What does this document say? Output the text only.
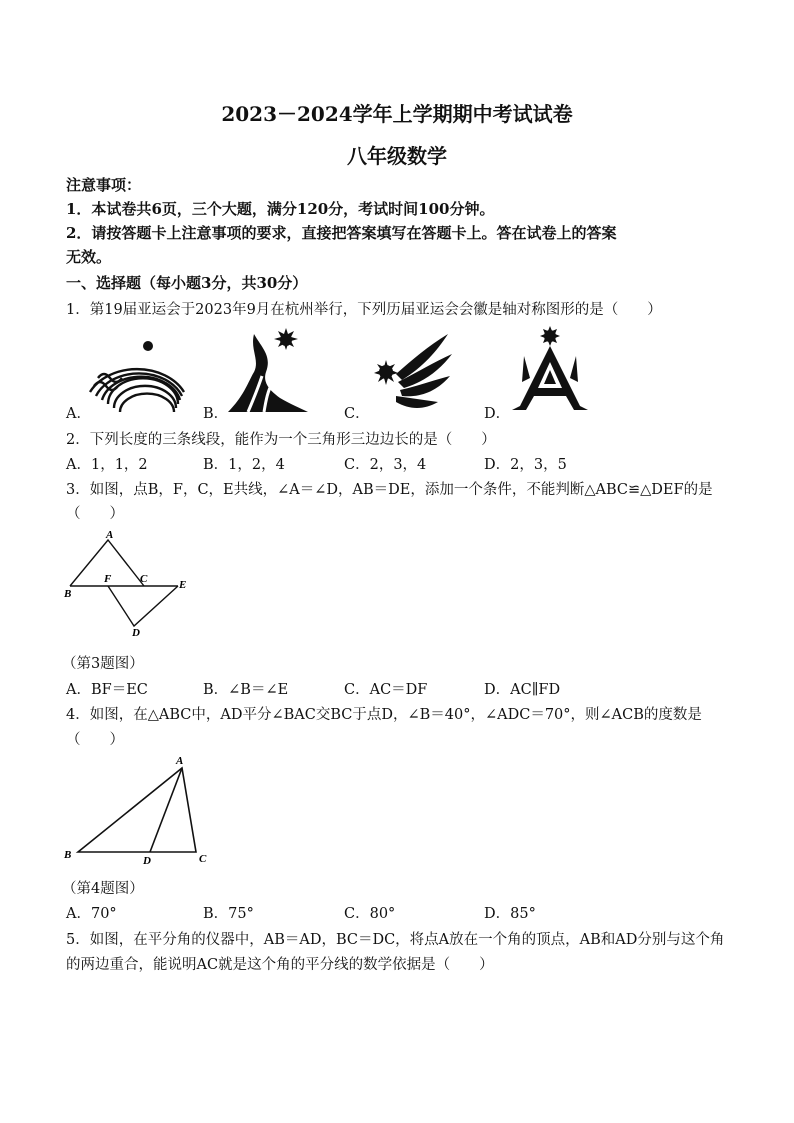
2023－2024学年上学期期中考试试卷
八年级数学
注意事项：
1．本试卷共6页，三个大题，满分120分，考试时间100分钟。
2．请按答题卡上注意事项的要求，直接把答案填写在答题卡上。答在试卷上的答案
无效。
一、选择题（每小题3分，共30分）
1．第19届亚运会于2023年9月在杭州举行，下列历届亚运会会徽是轴对称图形的是（　　）
A．	B．	C．	D．
2．下列长度的三条线段，能作为一个三角形三边边长的是（　　）
A．1，1，2	B．1，2，4	C．2，3，4	D．2，3，5
3．如图，点B，F，C，E共线，∠A＝∠D，AB＝DE，添加一个条件，不能判断△ABC≌△DEF的是
（　　）
A
B
C
D
E
F
（第3题图）
A．BF＝EC	B．∠B＝∠E	C．AC＝DF	D．AC∥FD
4．如图，在△ABC中，AD平分∠BAC交BC于点D，∠B＝40°，∠ADC＝70°，则∠ACB的度数是
（　　）
A
B	C
D
（第4题图）
A．70°	B．75°	C．80°	D．85°
5．如图，在平分角的仪器中，AB＝AD，BC＝DC，将点A放在一个角的顶点，AB和AD分别与这个角
的两边重合，能说明AC就是这个角的平分线的数学依据是（　　）
